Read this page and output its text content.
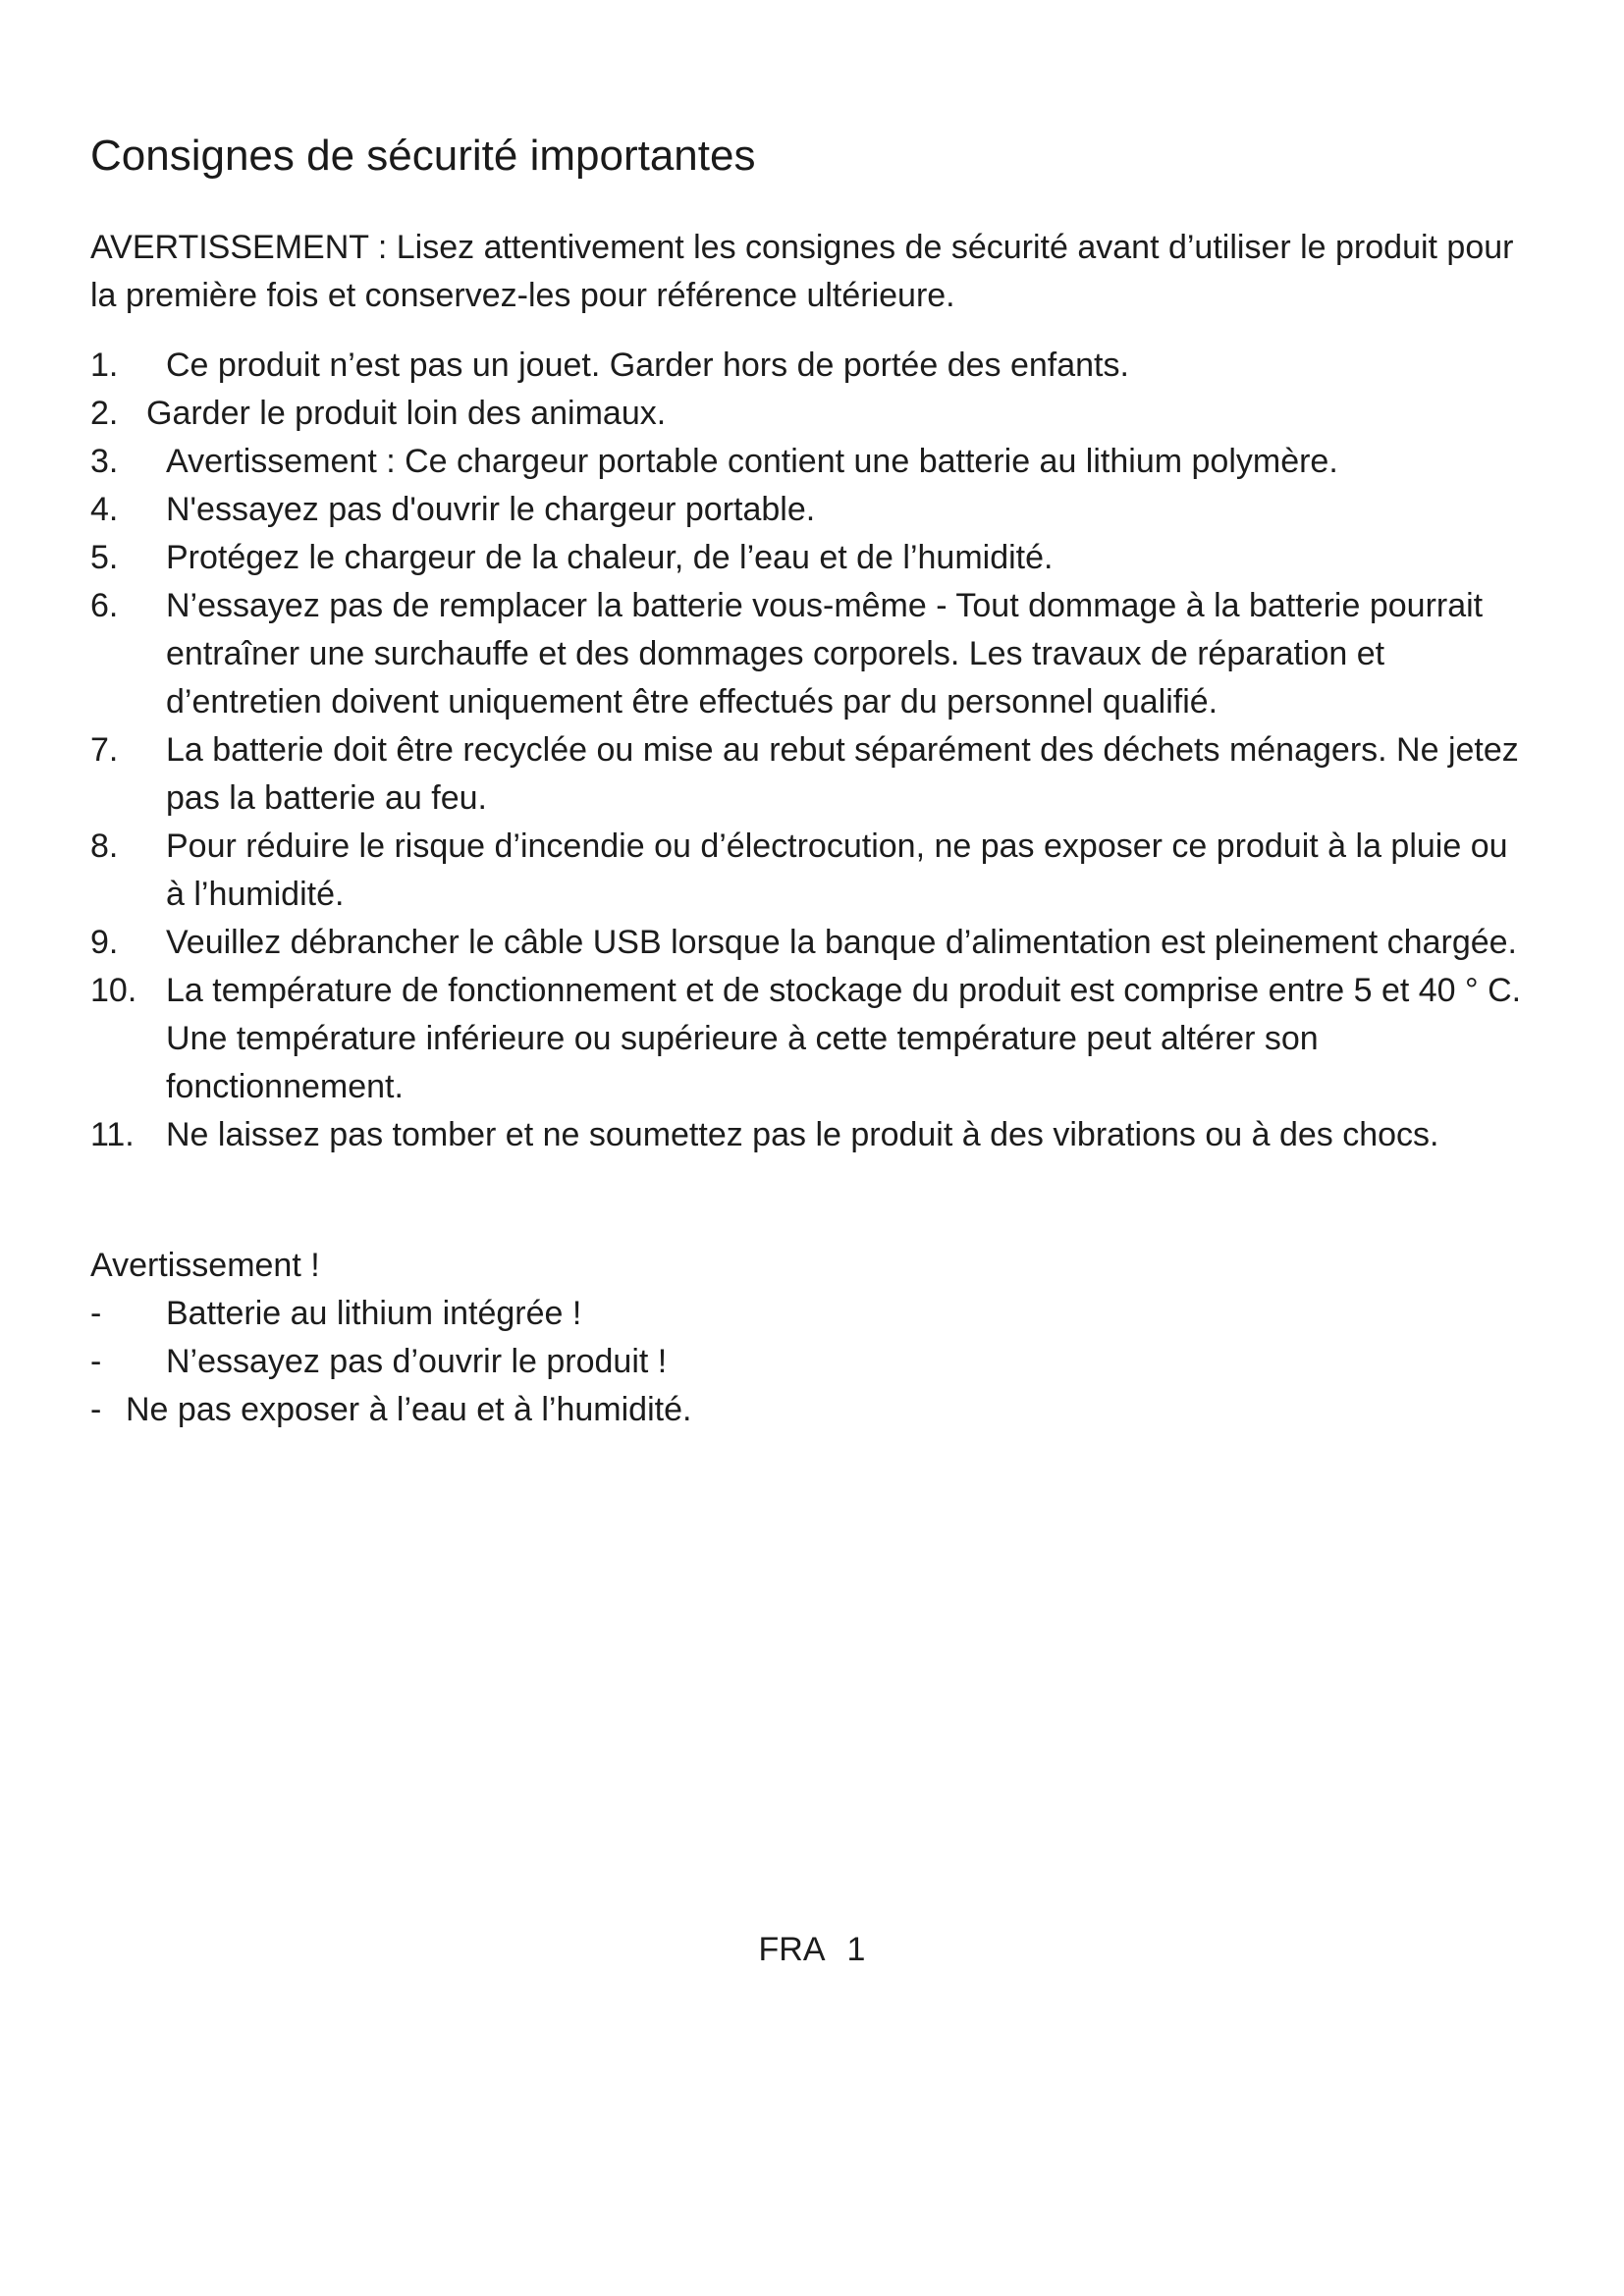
Consignes de sécurité importantes

AVERTISSEMENT : Lisez attentivement les consignes de sécurité avant d’utiliser le produit pour la première fois et conservez-les pour référence ultérieure.

1.	Ce produit n’est pas un jouet. Garder hors de portée des enfants.
2. Garder le produit loin des animaux.
3.	Avertissement : Ce chargeur portable contient une batterie au lithium polymère.
4.	N'essayez pas d'ouvrir le chargeur portable.
5.	Protégez le chargeur de la chaleur, de l’eau et de l’humidité.
6.	N’essayez pas de remplacer la batterie vous-même - Tout dommage à la batterie pourrait entraîner une surchauffe et des dommages corporels. Les travaux de réparation et d’entretien doivent uniquement être effectués par du personnel qualifié.
7.	La batterie doit être recyclée ou mise au rebut séparément des déchets ménagers. Ne jetez pas la batterie au feu.
8.	Pour réduire le risque d’incendie ou d’électrocution, ne pas exposer ce produit à la pluie ou à l’humidité.
9.	Veuillez débrancher le câble USB lorsque la banque d’alimentation est pleinement chargée.
10. La température de fonctionnement et de stockage du produit est comprise entre 5 et 40 ° C. Une température inférieure ou supérieure à cette température peut altérer son fonctionnement.
11. Ne laissez pas tomber et ne soumettez pas le produit à des vibrations ou à des chocs.

Avertissement !

-	Batterie au lithium intégrée !
-	N’essayez pas d’ouvrir le produit !
- Ne pas exposer à l’eau et à l’humidité.
FRA 1
